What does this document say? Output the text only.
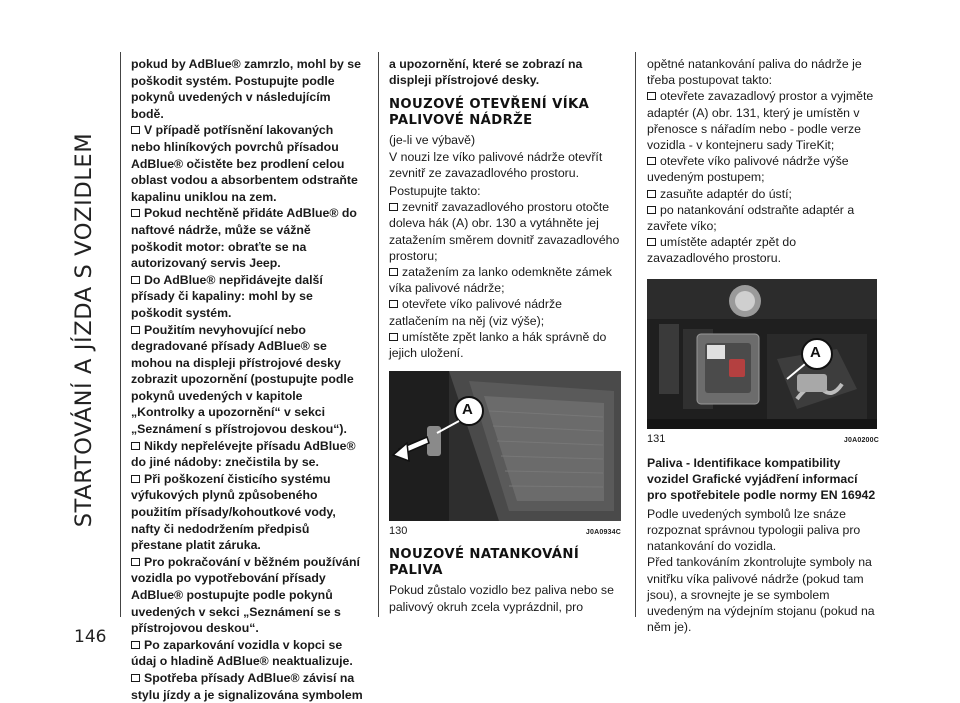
STARTOVÁNÍ A JÍZDA S VOZIDLEM

pokud by AdBlue® zamrzlo, mohl by se poškodit systém. Postupujte podle pokynů uvedených v následujícím bodě.

V případě potřísnění lakovaných nebo hliníkových povrchů přísadou AdBlue® očistěte bez prodlení celou oblast vodou a absorbentem odstraňte kapalinu uniklou na zem.

Pokud nechtěně přidáte AdBlue® do naftové nádrže, může se vážně poškodit motor: obraťte se na autorizovaný servis Jeep.

Do AdBlue® nepřidávejte další přísady či kapaliny: mohl by se poškodit systém.

Použitím nevyhovující nebo degradované přísady AdBlue® se mohou na displeji přístrojové desky zobrazit upozornění (postupujte podle pokynů uvedených v kapitole „Kontrolky a upozornění“ v sekci „Seznámení s přístrojovou deskou“).

Nikdy nepřelévejte přísadu AdBlue® do jiné nádoby: znečistila by se.

Při poškození čisticího systému výfukových plynů způsobeného použitím přísady/kohoutkové vody, nafty či nedodržením předpisů přestane platit záruka.

Pro pokračování v běžném používání vozidla po vypotřebování přísady AdBlue® postupujte podle pokynů uvedených v sekci „Seznámení se s přístrojovou deskou“.

Po zaparkování vozidla v kopci se údaj o hladině AdBlue® neaktualizuje.

Spotřeba přísady AdBlue® závisí na stylu jízdy a je signalizována symbolem

a upozornění, které se zobrazí na displeji přístrojové desky.

NOUZOVÉ OTEVŘENÍ VÍKA PALIVOVÉ NÁDRŽE

(je-li ve výbavě)

V nouzi lze víko palivové nádrže otevřít zevnitř ze zavazadlového prostoru.

Postupujte takto:

zevnitř zavazadlového prostoru otočte doleva hák (A) obr. 130 a vytáhněte jej zatažením směrem dovnitř zavazadlového prostoru;

zatažením za lanko odemkněte zámek víka palivové nádrže;

otevřete víko palivové nádrže zatlačením na něj (viz výše);

umístěte zpět lanko a hák správně do jejich uložení.

A
130	J0A0934C
NOUZOVÉ NATANKOVÁNÍ PALIVA

Pokud zůstalo vozidlo bez paliva nebo se palivový okruh zcela vyprázdnil, pro

opětné natankování paliva do nádrže je třeba postupovat takto:

otevřete zavazadlový prostor a vyjměte adaptér (A) obr. 131, který je umístěn v přenosce s nářadím nebo - podle verze vozidla - v kontejneru sady TireKit;

otevřete víko palivové nádrže výše uvedeným postupem;

zasuňte adaptér do ústí;

po natankování odstraňte adaptér a zavřete víko;

umístěte adaptér zpět do zavazadlového prostoru.

A
131	J0A0200C

Paliva - Identifikace kompatibility vozidel Grafické vyjádření informací pro spotřebitele podle normy EN 16942

Podle uvedených symbolů lze snáze rozpoznat správnou typologii paliva pro natankování do vozidla.

Před tankováním zkontrolujte symboly na vnitřku víka palivové nádrže (pokud tam jsou), a srovnejte je se symbolem uvedeným na výdejním stojanu (pokud na něm je).

146
